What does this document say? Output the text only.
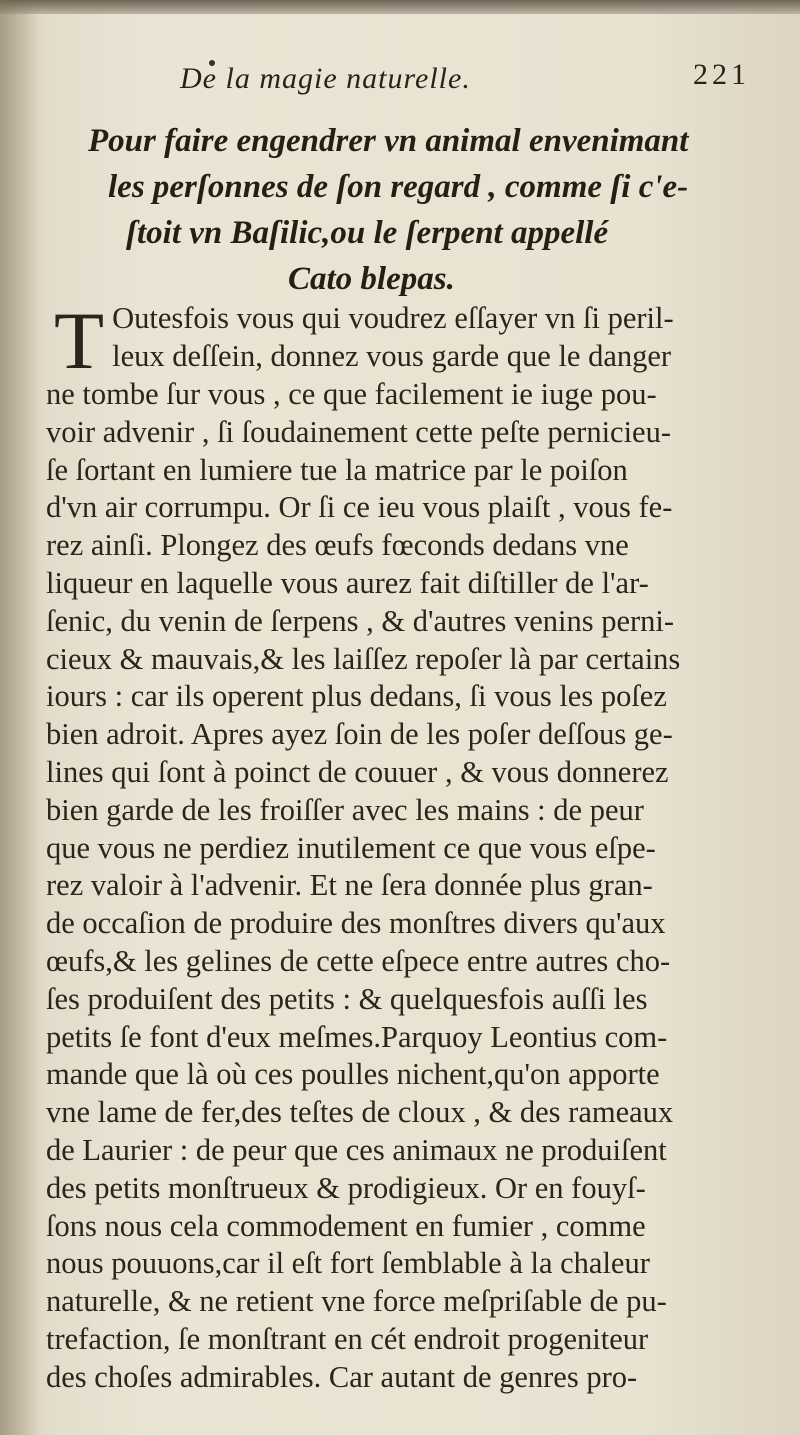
De la magie naturelle.	221
Pour faire engendrer vn animal envenimant
les perſonnes de ſon regard , comme ſi c'e-
ſtoit vn Baſilic,ou le ſerpent appellé
Cato blepas.
T Outesfois vous qui voudrez eſſayer vn ſi peril-
leux deſſein, donnez vous garde que le danger
ne tombe ſur vous , ce que facilement ie iuge pou-
voir advenir , ſi ſoudainement cette peſte pernicieu-
ſe ſortant en lumiere tue la matrice par le poiſon
d'vn air corrumpu. Or ſi ce ieu vous plaiſt , vous fe-
rez ainſi. Plongez des œufs fœconds dedans vne
liqueur en laquelle vous aurez fait diſtiller de l'ar-
ſenic, du venin de ſerpens , & d'autres venins perni-
cieux & mauvais,& les laiſſez repoſer là par certains
iours : car ils operent plus dedans, ſi vous les poſez
bien adroit. Apres ayez ſoin de les poſer deſſous ge-
lines qui ſont à poinct de couuer , & vous donnerez
bien garde de les froiſſer avec les mains : de peur
que vous ne perdiez inutilement ce que vous eſpe-
rez valoir à l'advenir. Et ne ſera donnée plus gran-
de occaſion de produire des monſtres divers qu'aux
œufs,& les gelines de cette eſpece entre autres cho-
ſes produiſent des petits : & quelquesfois auſſi les
petits ſe font d'eux meſmes.Parquoy Leontius com-
mande que là où ces poulles nichent,qu'on apporte
vne lame de fer,des teſtes de cloux , & des rameaux
de Laurier : de peur que ces animaux ne produiſent
des petits monſtrueux & prodigieux. Or en fouyſ-
ſons nous cela commodement en fumier , comme
nous pouuons,car il eſt fort ſemblable à la chaleur
naturelle, & ne retient vne force meſpriſable de pu-
trefaction, ſe monſtrant en cét endroit progeniteur
des choſes admirables. Car autant de genres pro-
